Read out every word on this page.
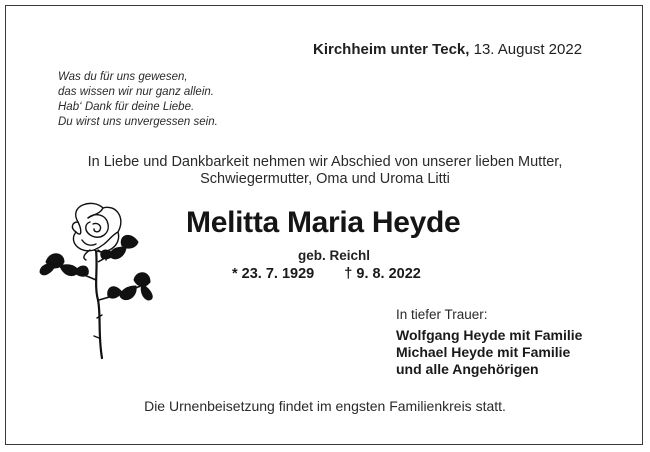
Kirchheim unter Teck, 13. August 2022
Was du für uns gewesen,
das wissen wir nur ganz allein.
Hab‘ Dank für deine Liebe.
Du wirst uns unvergessen sein.
In Liebe und Dankbarkeit nehmen wir Abschied von unserer lieben Mutter,
Schwiegermutter, Oma und Uroma Litti
Melitta Maria Heyde
geb. Reichl
* 23. 7. 1929 † 9. 8. 2022
In tiefer Trauer:
Wolfgang Heyde mit Familie
Michael Heyde mit Familie
und alle Angehörigen
Die Urnenbeisetzung findet im engsten Familienkreis statt.
